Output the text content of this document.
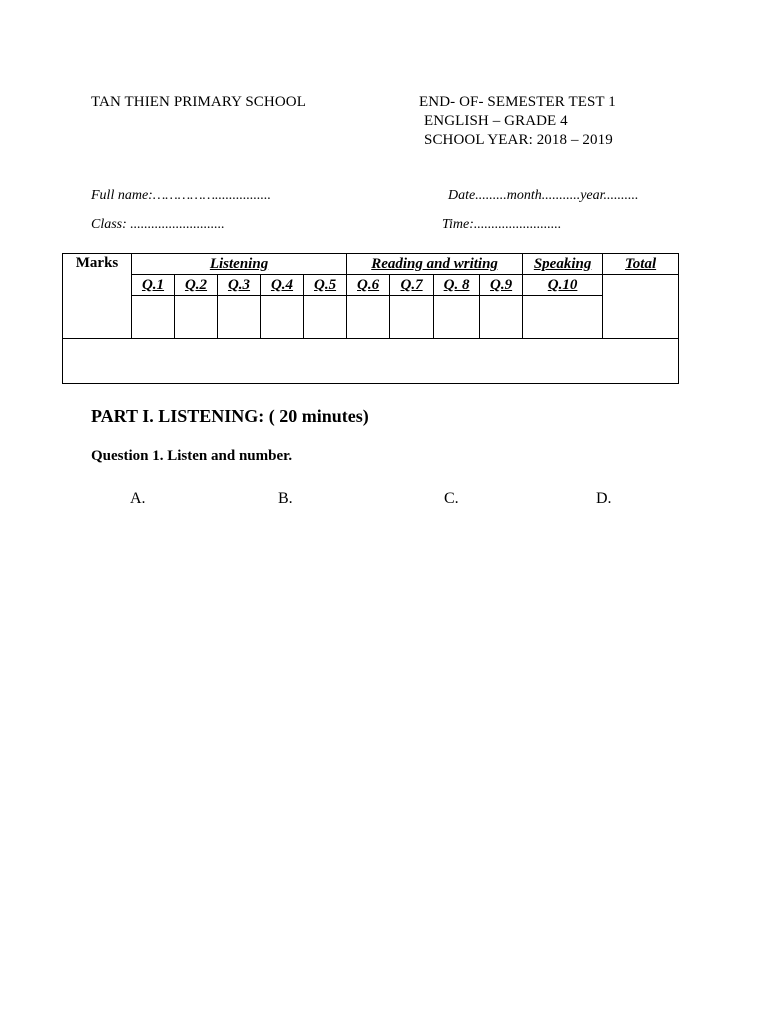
TAN THIEN PRIMARY SCHOOL	END- OF- SEMESTER TEST 1
ENGLISH – GRADE 4
SCHOOL YEAR: 2018 – 2019
Full name:……………................	Date.........month...........year..........
Class: ...........................	Time:.........................
Marks	Listening					Reading and writing				Speaking	Total
	Q.1	Q.2	Q.3	Q.4	Q.5	Q.6	Q.7	Q. 8	Q.9	Q.10	

PART I. LISTENING: ( 20 minutes)
Question 1. Listen and number.
A.	B.	C.	D.
